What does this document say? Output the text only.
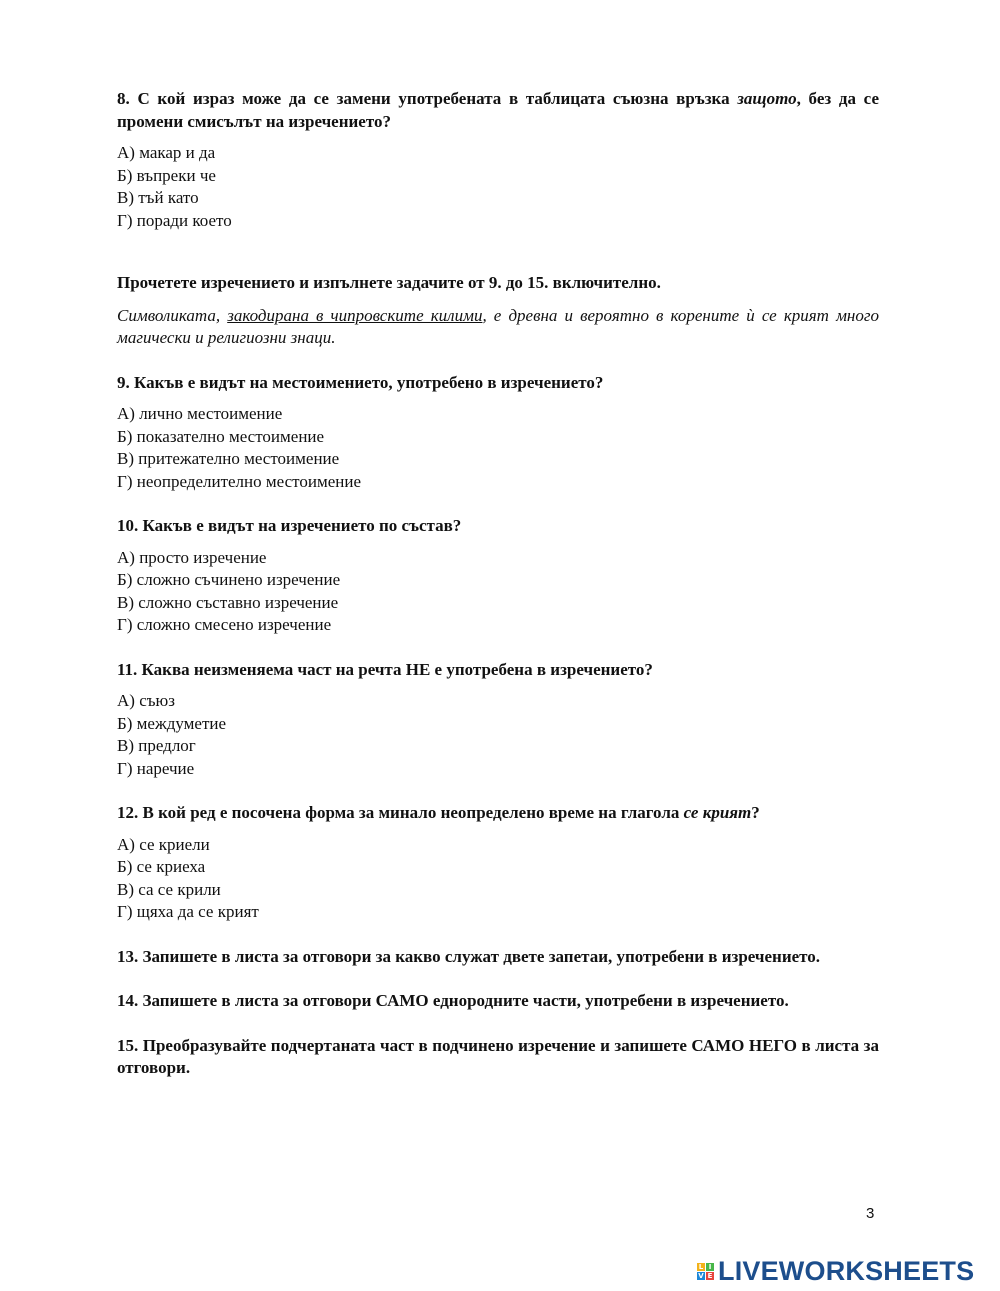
8. С кой израз може да се замени употребената в таблицата съюзна връзка защото, без да се промени смисълът на изречението?

А) макар и да
Б) въпреки че
В) тъй като
Г) поради което

Прочетете изречението и изпълнете задачите от 9. до 15. включително.

Символиката, закодирана в чипровските килими, е древна и вероятно в корените ѝ се крият много магически и религиозни знаци.

9. Какъв е видът на местоимението, употребено в изречението?

А) лично местоимение
Б) показателно местоимение
В) притежателно местоимение
Г) неопределително местоимение

10. Какъв е видът на изречението по състав?

А) просто изречение
Б) сложно съчинено изречение
В) сложно съставно изречение
Г) сложно смесено изречение

11. Каква неизменяема част на речта НЕ е употребена в изречението?

А) съюз
Б) междуметие
В) предлог
Г) наречие

12. В кой ред е посочена форма за минало неопределено време на глагола се крият?

А) се криели
Б) се криеха
В) са се крили
Г) щяха да се крият

13. Запишете в листа за отговори за какво служат двете запетаи, употребени в изречението.

14. Запишете в листа за отговори САМО еднородните части, употребени в изречението.

15. Преобразувайте подчертаната част в подчинено изречение и запишете САМО НЕГО в листа за отговори.

3
L I
V E LIVEWORKSHEETS
